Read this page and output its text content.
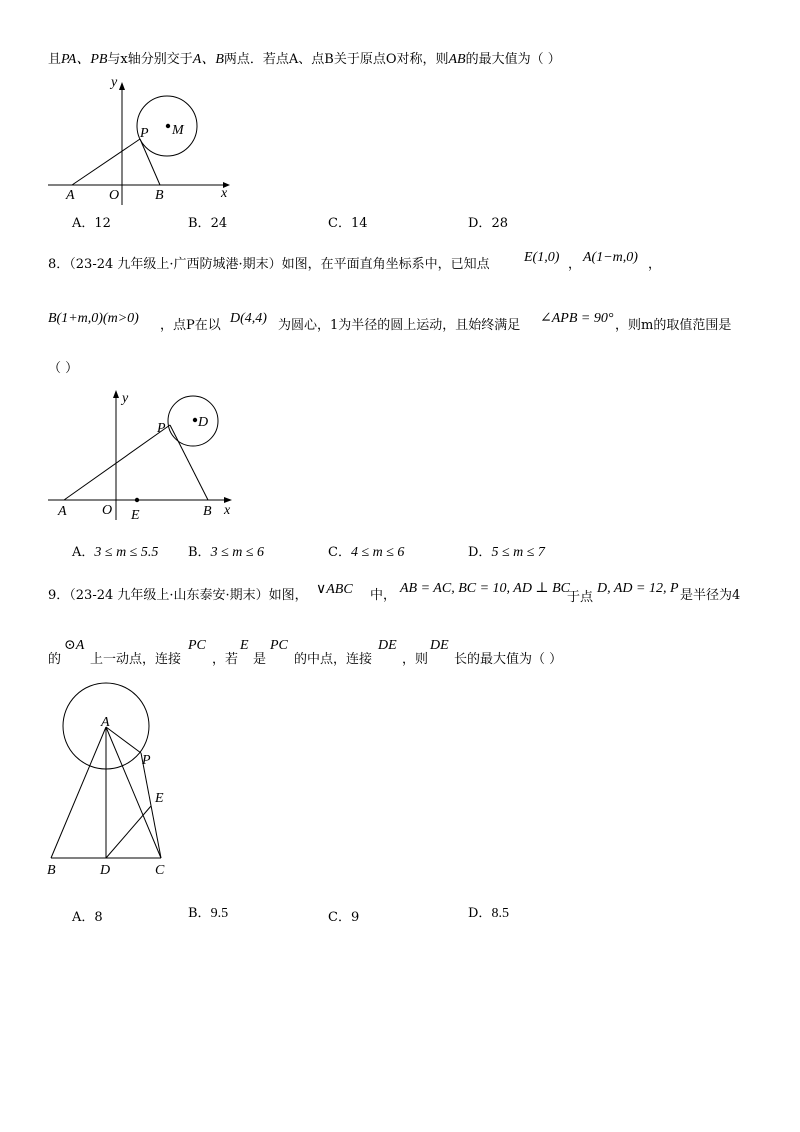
且PA、PB与x轴分别交于A、B两点．若点A、点B关于原点O对称，则AB的最大值为（ ）
y
x
O
A	B
P M
A．12	B．24	C．14	D．28
8．（23-24 九年级上·广西防城港·期末）如图，在平面直角坐标系中，已知点 E(1,0) ， A(1−m,0) ，
B(1+m,0)(m>0) ，点P在以 D(4,4) 为圆心，1为半径的圆上运动，且始终满足 ∠APB = 90° ，则m的取值范围是
（ ）
y
x
A	O E	B
P D
A．3 ≤ m ≤ 5.5 B．3 ≤ m ≤ 6	C．4 ≤ m ≤ 6	D．5 ≤ m ≤ 7
9．（23-24 九年级上·山东泰安·期末）如图， ∨ABC 中， AB = AC, BC = 10, AD ⊥ BC
于点
D, AD = 12, P 是半径为4
的
⊙A
上一动点，连接
PC
，若
E
是
PC
的中点，连接
DE
，则
DE
长的最大值为（ ）
A
P
E
B	D	C
A．8	B．9.5	C．9	D．8.5
